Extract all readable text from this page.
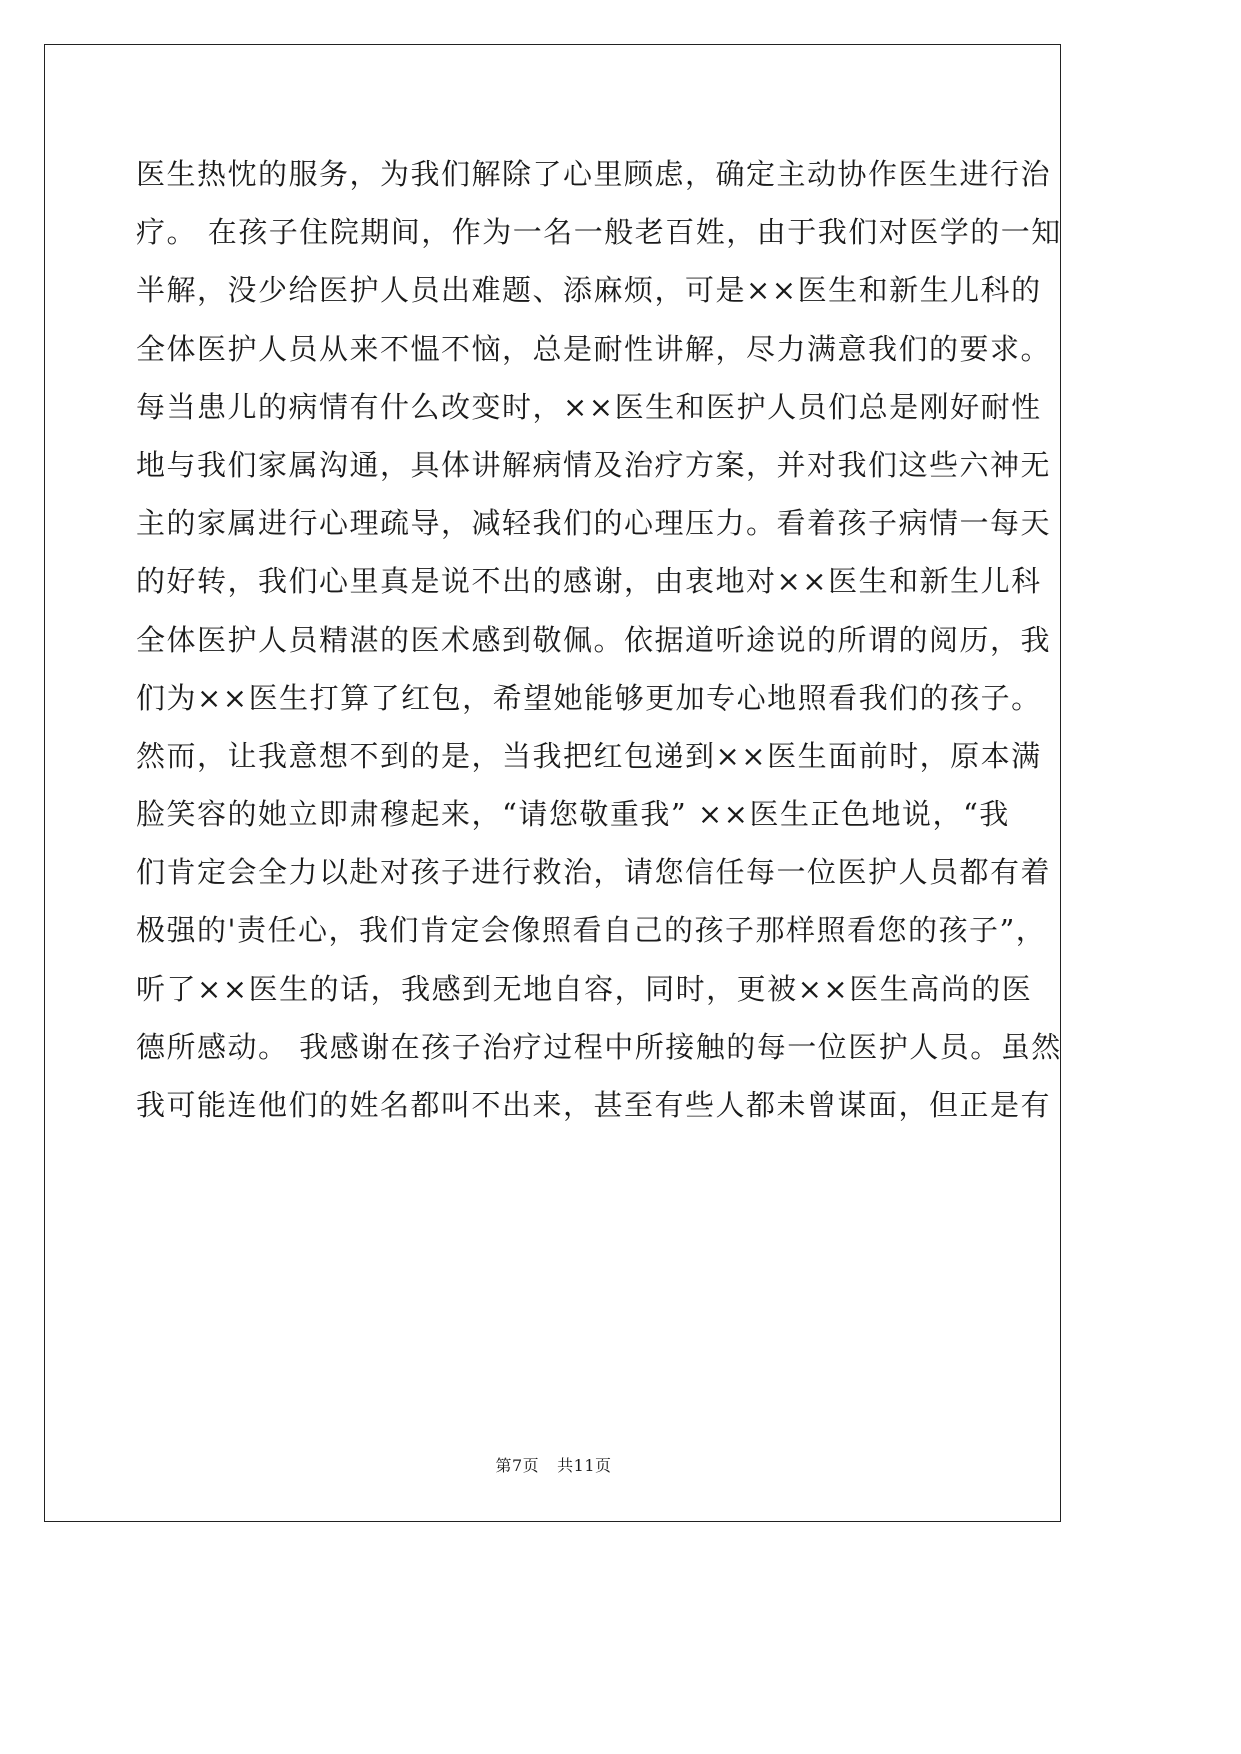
医生热忱的服务，为我们解除了心里顾虑，确定主动协作医生进行治
疗。 在孩子住院期间，作为一名一般老百姓，由于我们对医学的一知
半解，没少给医护人员出难题、添麻烦，可是××医生和新生儿科的
全体医护人员从来不愠不恼，总是耐性讲解，尽力满意我们的要求。
每当患儿的病情有什么改变时，××医生和医护人员们总是刚好耐性
地与我们家属沟通，具体讲解病情及治疗方案，并对我们这些六神无
主的家属进行心理疏导，减轻我们的心理压力。看着孩子病情一每天
的好转，我们心里真是说不出的感谢，由衷地对××医生和新生儿科
全体医护人员精湛的医术感到敬佩。依据道听途说的所谓的阅历，我
们为××医生打算了红包，希望她能够更加专心地照看我们的孩子。
然而，让我意想不到的是，当我把红包递到××医生面前时，原本满
脸笑容的她立即肃穆起来，“请您敬重我” ××医生正色地说，“我
们肯定会全力以赴对孩子进行救治，请您信任每一位医护人员都有着
极强的'责任心，我们肯定会像照看自己的孩子那样照看您的孩子”，
听了××医生的话，我感到无地自容，同时，更被××医生高尚的医
德所感动。 我感谢在孩子治疗过程中所接触的每一位医护人员。虽然
我可能连他们的姓名都叫不出来，甚至有些人都未曾谋面，但正是有
第7页 共11页
